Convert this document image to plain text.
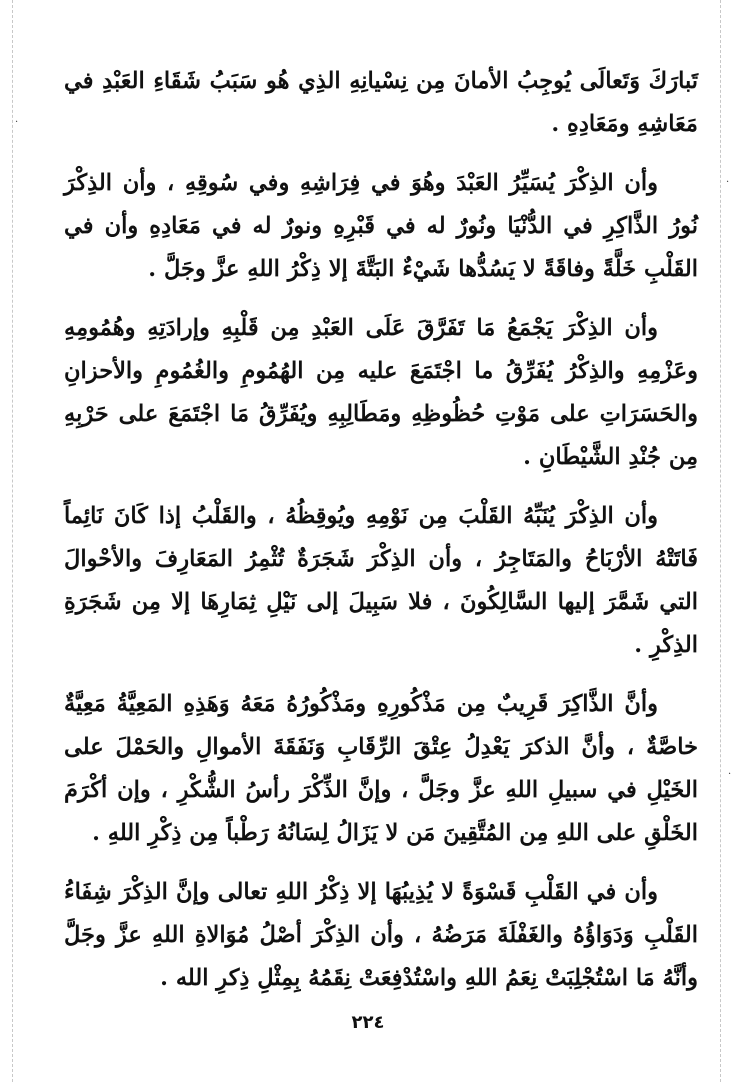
·
·
·

تَبارَكَ وَتَعالَى يُوجِبُ الأمانَ مِن نِسْيانِهِ الذِي هُو سَبَبُ شَقَاءِ العَبْدِ في مَعَاشِهِ ومَعَادِهِ .

وأن الذِكْرَ يُسَيِّرُ العَبْدَ وهُوَ في فِرَاشِهِ وفي سُوقِهِ ، وأن الذِكْرَ نُورُ الذَّاكِرِ في الدُّنْيَا ونُورٌ له في قَبْرِهِ ونورٌ له في مَعَادِهِ وأن في القَلْبِ خَلَّةً وفاقَةً لا يَسُدُّها شَيْءٌ البَتَّةَ إلا ذِكْرُ اللهِ عزَّ وجَلَّ .

وأن الذِكْرَ يَجْمَعُ مَا تَفَرَّقَ عَلَى العَبْدِ مِن قَلْبِهِ وإرادَتِهِ وهُمُومِهِ وعَزْمِهِ والذِكْرُ يُفَرِّقُ ما اجْتَمَعَ عليه مِن الهُمُومِ والغُمُومِ والأحزانِ والحَسَرَاتِ على مَوْتِ حُظُوظِهِ ومَطَالِبِهِ ويُفَرِّقُ مَا اجْتَمَعَ على حَرْبِهِ مِن جُنْدِ الشَّيْطَانِ .

وأن الذِكْرَ يُنَبِّهُ القَلْبَ مِن نَوْمِهِ ويُوقِظُهُ ، والقَلْبُ إذا كَانَ نَائِماً فَاتَتْهُ الأرْبَاحُ والمَتَاجِرُ ، وأن الذِكْرَ شَجَرَةٌ تُثْمِرُ المَعَارِفَ والأحْوالَ التي شَمَّرَ إليها السَّالِكُونَ ، فلا سَبِيلَ إلى نَيْلِ ثِمَارِهَا إلا مِن شَجَرَةِ الذِكْرِ .

وأنَّ الذَّاكِرَ قَرِيبٌ مِن مَذْكُورِهِ ومَذْكُورُهُ مَعَهُ وَهَذِهِ المَعِيَّةُ مَعِيَّةٌ خاصَّةٌ ، وأنَّ الذكرَ يَعْدِلُ عِتْقَ الرِّقَابِ وَنَفَقَةَ الأموالِ والحَمْلَ على الخَيْلِ في سبيلِ اللهِ عزَّ وجَلَّ ، وإنَّ الذِّكْرَ رأسُ الشُّكْرِ ، وإن أكْرَمَ الخَلْقِ على اللهِ مِن المُتَّقِينَ مَن لا يَزَالُ لِسَانُهُ رَطْباً مِن ذِكْرِ اللهِ .

وأن في القَلْبِ قَسْوَةً لا يُذِيبُهَا إلا ذِكْرُ اللهِ تعالى وإنَّ الذِكْرَ شِفَاءُ القَلْبِ وَدَوَاؤُهُ والغَفْلَةَ مَرَضُهُ ، وأن الذِكْرَ أصْلُ مُوَالاةِ اللهِ عزَّ وجَلَّ وأنَّهُ مَا اسْتُجْلِبَتْ نِعَمُ اللهِ واسْتُدْفِعَتْ نِقَمُهُ بِمِثْلِ ذِكرِ الله .

٢٢٤
